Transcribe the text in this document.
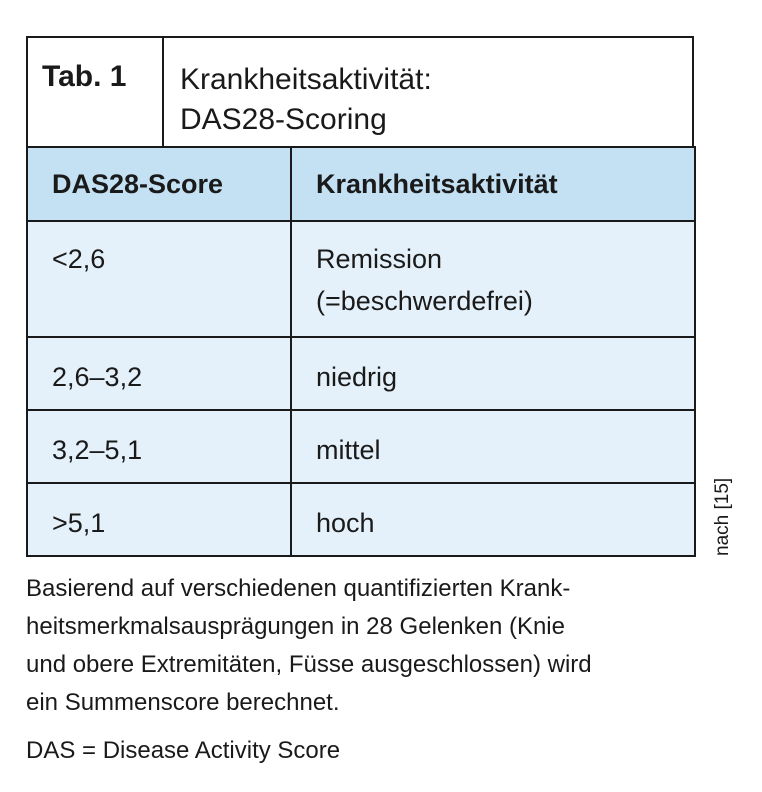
Tab. 1	Krankheitsaktivität:
DAS28-Scoring
DAS28-Score	Krankheitsaktivität
<2,6	Remission
(=beschwerdefrei)

2,6–3,2	niedrig
3,2–5,1	mittel
>5,1	hoch	nach [15]

Basierend auf verschiedenen quantifizierten Krank-

heitsmerkmalsausprägungen in 28 Gelenken (Knie

und obere Extremitäten, Füsse ausgeschlossen) wird

ein Summenscore berechnet.

DAS = Disease Activity Score
